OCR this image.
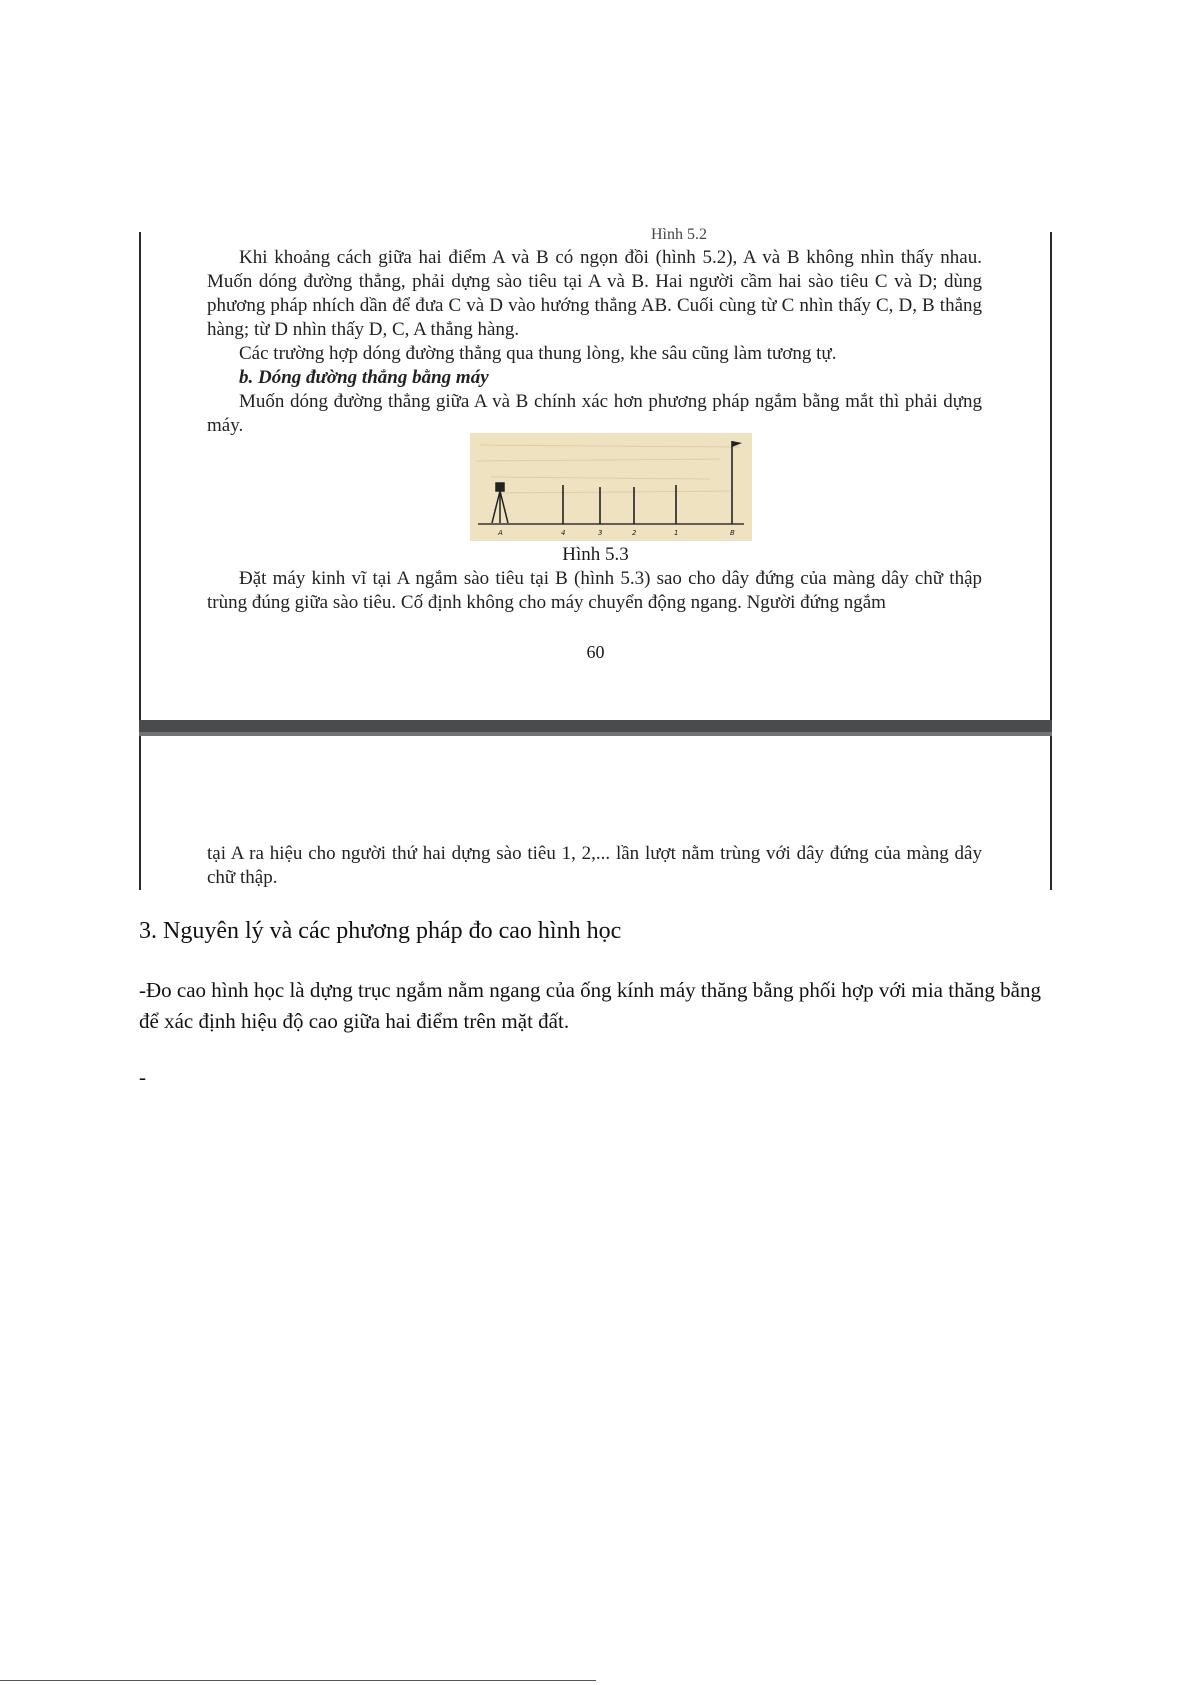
Hình 5.2
Khi khoảng cách giữa hai điểm A và B có ngọn đồi (hình 5.2), A và B không nhìn thấy nhau. Muốn dóng đường thẳng, phải dựng sào tiêu tại A và B. Hai người cầm hai sào tiêu C và D; dùng phương pháp nhích dần để đưa C và D vào hướng thẳng AB. Cuối cùng từ C nhìn thấy C, D, B thẳng hàng; từ D nhìn thấy D, C, A thẳng hàng.
Các trường hợp dóng đường thẳng qua thung lòng, khe sâu cũng làm tương tự.
b. Dóng đường thẳng bằng máy
Muốn dóng đường thẳng giữa A và B chính xác hơn phương pháp ngắm bằng mắt thì phải dựng máy.
A	4	3	2	1	B
Hình 5.3
Đặt máy kinh vĩ tại A ngắm sào tiêu tại B (hình 5.3) sao cho dây đứng của màng dây chữ thập trùng đúng giữa sào tiêu. Cố định không cho máy chuyển động ngang. Người đứng ngắm
60
tại A ra hiệu cho người thứ hai dựng sào tiêu 1, 2,... lần lượt nằm trùng với dây đứng của màng dây chữ thập.
3. Nguyên lý và các phương pháp đo cao hình học
-Đo cao hình học là dựng trục ngắm nằm ngang của ống kính máy thăng bằng phối hợp với mia thăng bằng để xác định hiệu độ cao giữa hai điểm trên mặt đất.
-
